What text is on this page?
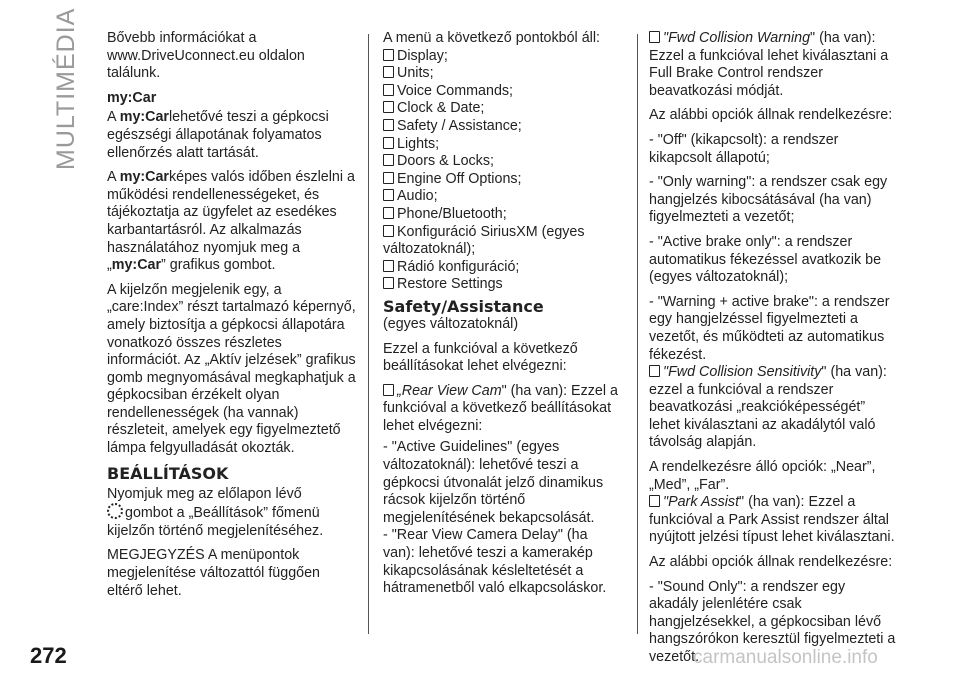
MULTIMÉDIA Bővebb információkat a www.DriveUconnect.eu oldalon találunk.

my:Car

A my:Carlehetővé teszi a gépkocsi egészségi állapotának folyamatos ellenőrzés alatt tartását.

A my:Carképes valós időben észlelni a működési rendellenességeket, és tájékoztatja az ügyfelet az esedékes karbantartásról. Az alkalmazás használatához nyomjuk meg a „my:Car” grafikus gombot.

A kijelzőn megjelenik egy, a „care:Index” részt tartalmazó képernyő, amely biztosítja a gépkocsi állapotára vonatkozó összes részletes információt. Az „Aktív jelzések” grafikus gomb megnyomásával megkaphatjuk a gépkocsiban érzékelt olyan rendellenességek (ha vannak) részleteit, amelyek egy figyelmeztető lámpa felgyulladását okozták.

BEÁLLÍTÁSOK

Nyomjuk meg az előlapon lévő
gombot a „Beállítások” főmenü kijelzőn történő megjelenítéséhez.

MEGJEGYZÉS A menüpontok megjelenítése változattól függően eltérő lehet.

A menü a következő pontokból áll:

Display;
Units;
Voice Commands;
Clock & Date;
Safety / Assistance;
Lights;
Doors & Locks;
Engine Off Options;
Audio;
Phone/Bluetooth;
Konfiguráció SiriusXM (egyes változatoknál);
Rádió konfiguráció;
Restore Settings
Safety/Assistance

(egyes változatoknál)

Ezzel a funkcióval a következő beállításokat lehet elvégezni:

„Rear View Cam" (ha van): Ezzel a funkcióval a következő beállításokat lehet elvégezni:

- "Active Guidelines" (egyes változatoknál): lehetővé teszi a gépkocsi útvonalát jelző dinamikus rácsok kijelzőn történő megjelenítésének bekapcsolását.

- "Rear View Camera Delay" (ha van): lehetővé teszi a kamerakép kikapcsolásának késleltetését a hátramenetből való elkapcsoláskor.

"Fwd Collision Warning" (ha van): Ezzel a funkcióval lehet kiválasztani a Full Brake Control rendszer beavatkozási módját.

Az alábbi opciók állnak rendelkezésre:

- "Off" (kikapcsolt): a rendszer kikapcsolt állapotú;

- "Only warning": a rendszer csak egy hangjelzés kibocsátásával (ha van) figyelmezteti a vezetőt;

- "Active brake only": a rendszer automatikus fékezéssel avatkozik be (egyes változatoknál);

- "Warning + active brake": a rendszer egy hangjelzéssel figyelmezteti a vezetőt, és működteti az automatikus fékezést.

"Fwd Collision Sensitivity" (ha van): ezzel a funkcióval a rendszer beavatkozási „reakcióképességét” lehet kiválasztani az akadálytól való távolság alapján.

A rendelkezésre álló opciók: „Near”, „Med”, „Far”.

"Park Assist" (ha van): Ezzel a funkcióval a Park Assist rendszer által nyújtott jelzési típust lehet kiválasztani.

Az alábbi opciók állnak rendelkezésre:

- "Sound Only": a rendszer egy akadály jelenlétére csak hangjelzésekkel, a gépkocsiban lévő hangszórókon keresztül figyelmezteti a vezetőt.

272	carmanualsonline.info
